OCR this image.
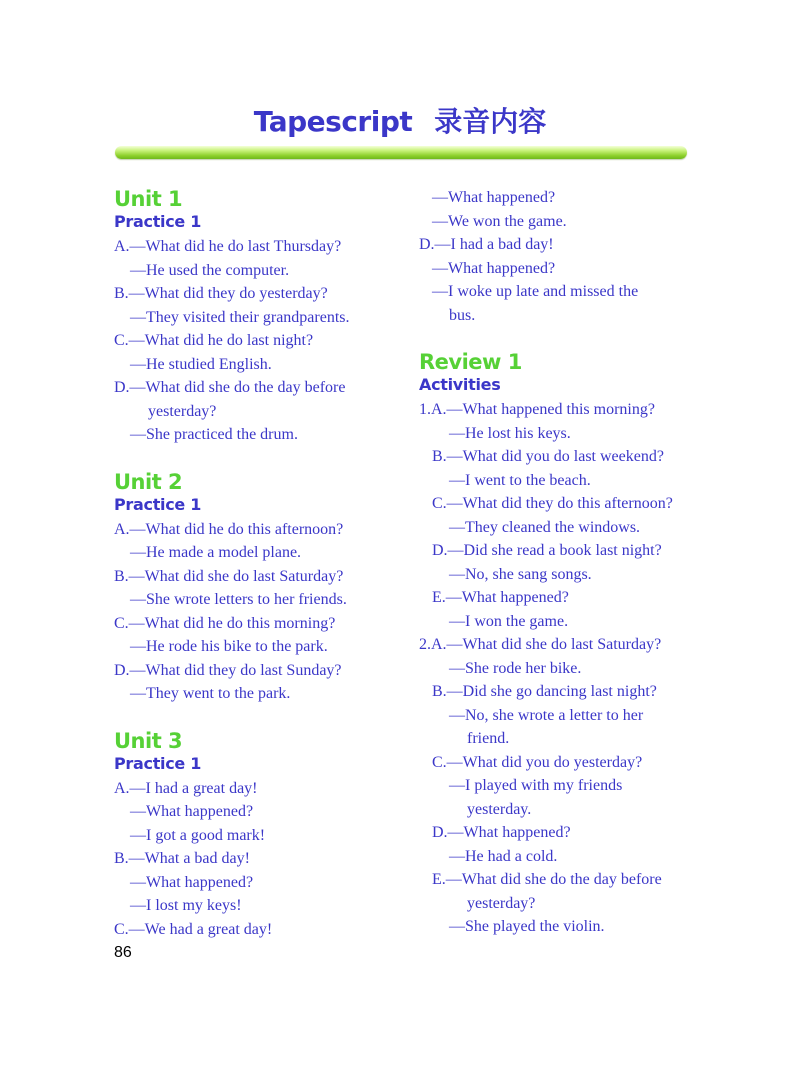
Tapescript 录音内容
Unit 1
Practice 1
A.—What did he do last Thursday?
—He used the computer.
B.—What did they do yesterday?
—They visited their grandparents.
C.—What did he do last night?
—He studied English.
D.—What did she do the day before
yesterday?
—She practiced the drum.
Unit 2
Practice 1
A.—What did he do this afternoon?
—He made a model plane.
B.—What did she do last Saturday?
—She wrote letters to her friends.
C.—What did he do this morning?
—He rode his bike to the park.
D.—What did they do last Sunday?
—They went to the park.
Unit 3
Practice 1
A.—I had a great day!
—What happened?
—I got a good mark!
B.—What a bad day!
—What happened?
—I lost my keys!
C.—We had a great day!
—What happened?
—We won the game.
D.—I had a bad day!
—What happened?
—I woke up late and missed the
bus.
Review 1
Activities
1.A.—What happened this morning?
—He lost his keys.
B.—What did you do last weekend?
—I went to the beach.
C.—What did they do this afternoon?
—They cleaned the windows.
D.—Did she read a book last night?
—No, she sang songs.
E.—What happened?
—I won the game.
2.A.—What did she do last Saturday?
—She rode her bike.
B.—Did she go dancing last night?
—No, she wrote a letter to her
friend.
C.—What did you do yesterday?
—I played with my friends
yesterday.
D.—What happened?
—He had a cold.
E.—What did she do the day before
yesterday?
—She played the violin.
86
